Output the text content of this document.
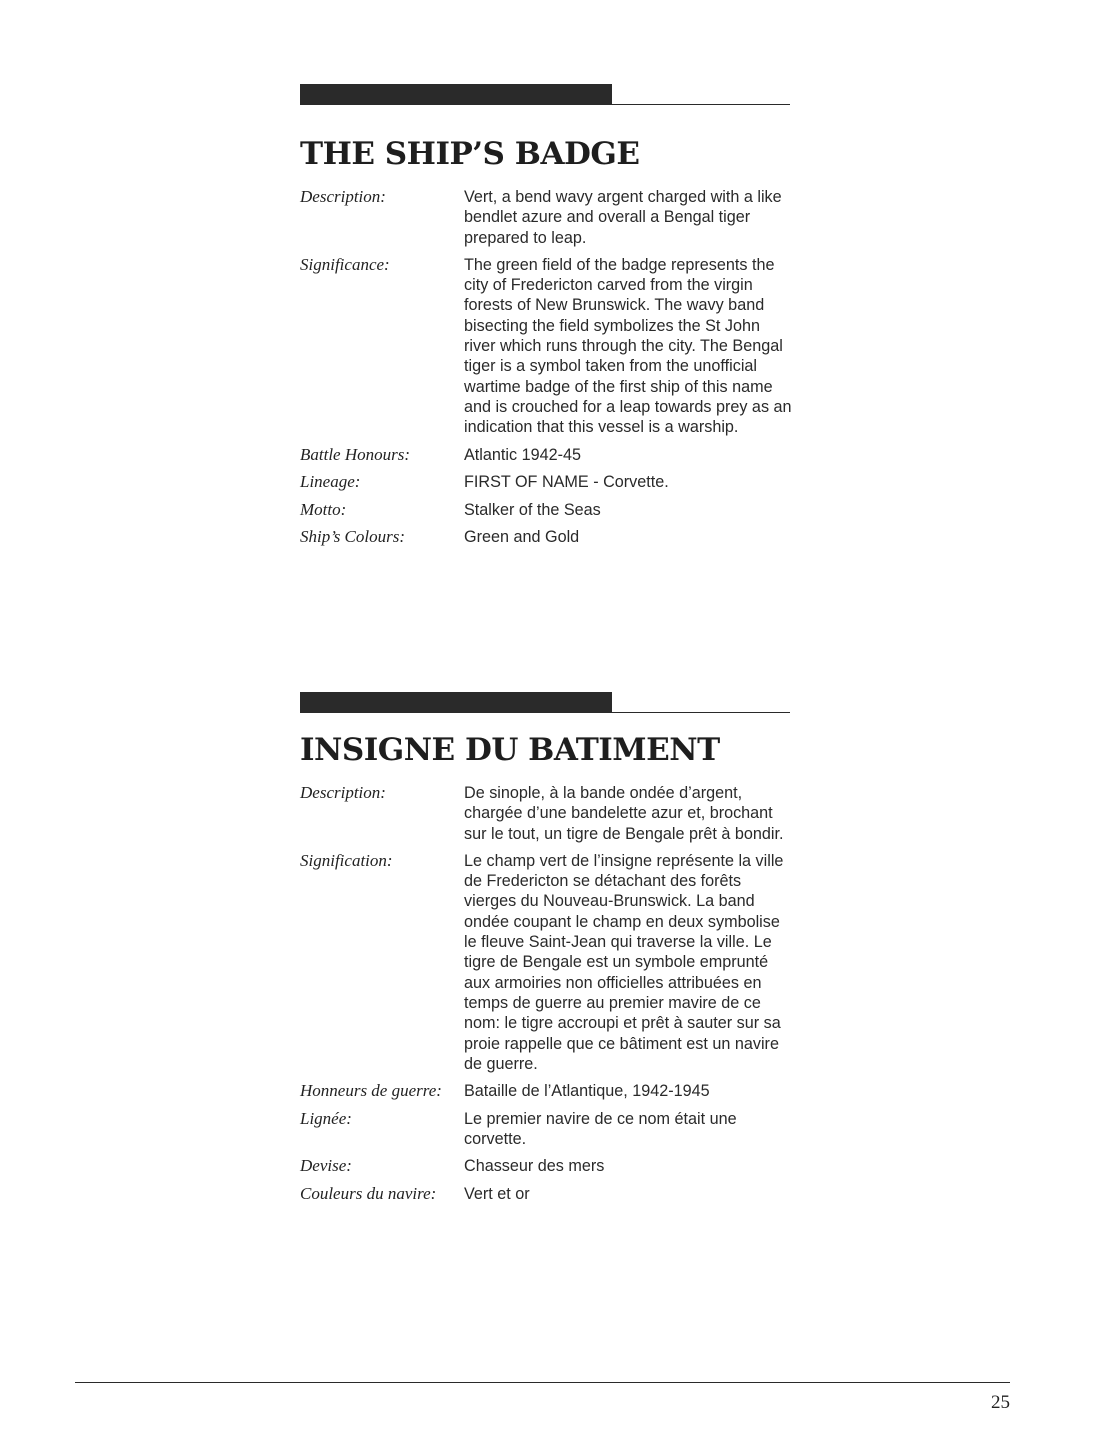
THE SHIP’S BADGE
Description:	Vert, a bend wavy argent charged with a like bendlet azure and overall a Bengal tiger prepared to leap.
Significance:	The green field of the badge represents the city of Fredericton carved from the virgin forests of New Brunswick. The wavy band bisecting the field symbolizes the St John river which runs through the city. The Bengal tiger is a symbol taken from the unofficial wartime badge of the first ship of this name and is crouched for a leap towards prey as an indication that this vessel is a warship.
Battle Honours:	Atlantic 1942-45
Lineage:	FIRST OF NAME - Corvette.
Motto:	Stalker of the Seas
Ship’s Colours:	Green and Gold
INSIGNE DU BATIMENT
Description:	De sinople, à la bande ondée d’argent, chargée d’une bandelette azur et, brochant sur le tout, un tigre de Bengale prêt à bondir.
Signification:	Le champ vert de l’insigne représente la ville de Fredericton se détachant des forêts vierges du Nouveau-Brunswick. La band ondée coupant le champ en deux symbolise le fleuve Saint-Jean qui traverse la ville. Le tigre de Bengale est un symbole emprunté aux armoiries non officielles attribuées en temps de guerre au premier mavire de ce nom: le tigre accroupi et prêt à sauter sur sa proie rappelle que ce bâtiment est un navire de guerre.
Honneurs de guerre:	Bataille de l’Atlantique, 1942-1945
Lignée:	Le premier navire de ce nom était une corvette.
Devise:	Chasseur des mers
Couleurs du navire:	Vert et or
25
